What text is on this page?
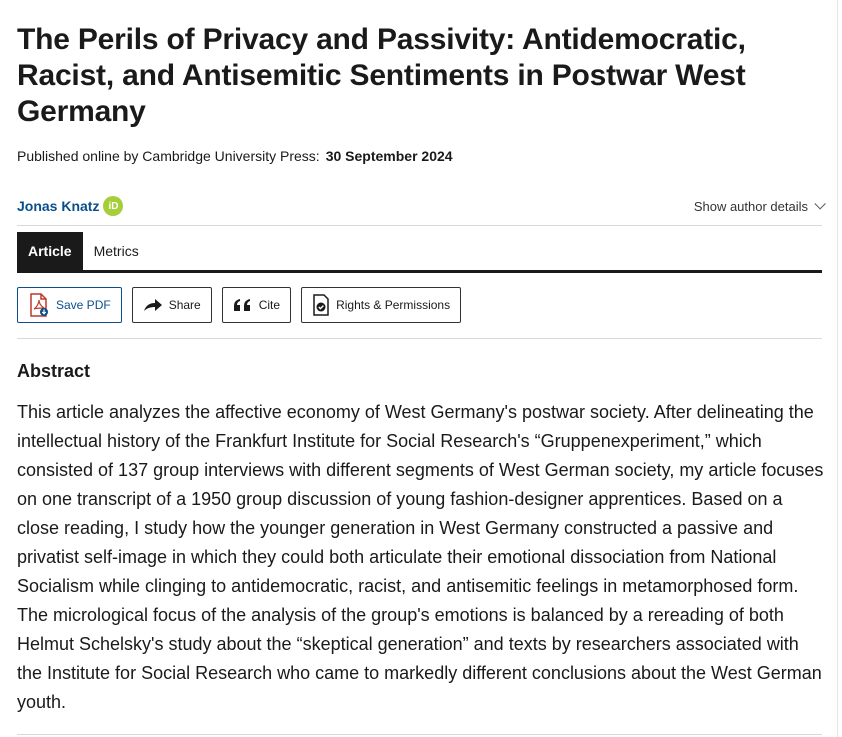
The Perils of Privacy and Passivity: Antidemocratic, Racist, and Antisemitic Sentiments in Postwar West Germany
Published online by Cambridge University Press: 30 September 2024
Jonas Knatz iD	Show author details
Article	Metrics
Save PDF	Share	Cite	Rights & Permissions
Abstract

This article analyzes the affective economy of West Germany's postwar society. After delineating the intellectual history of the Frankfurt Institute for Social Research's “Gruppenexperiment,” which consisted of 137 group interviews with different segments of West German society, my article focuses on one transcript of a 1950 group discussion of young fashion-designer apprentices. Based on a close reading, I study how the younger generation in West Germany constructed a passive and privatist self-image in which they could both articulate their emotional dissociation from National Socialism while clinging to antidemocratic, racist, and antisemitic feelings in metamorphosed form. The micrological focus of the analysis of the group's emotions is balanced by a rereading of both Helmut Schelsky's study about the “skeptical generation” and texts by researchers associated with the Institute for Social Research who came to markedly different conclusions about the West German youth.
